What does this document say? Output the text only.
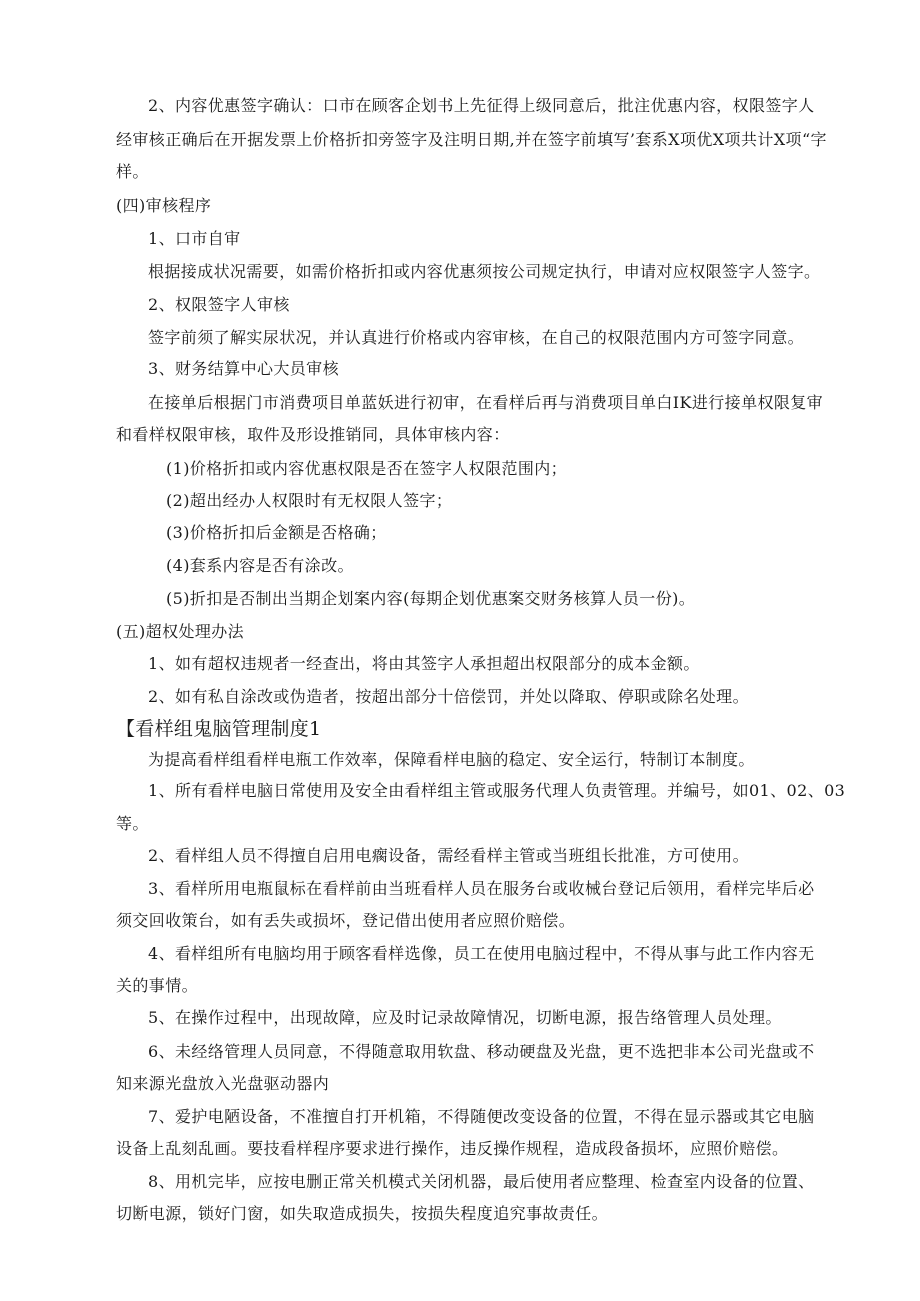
2、内容优惠签字确认：口市在顾客企划书上先征得上级同意后，批注优惠内容，权限签字人
经审核正确后在开据发票上价格折扣旁签字及注明日期,并在签字前填写’套系X项优X项共计X项“字
样。
(四)审核程序
1、口市自审
根据接成状况需要，如需价格折扣或内容优惠须按公司规定执行，申请对应权限签字人签字。
2、权限签字人审核
签字前须了解实尿状况，并认真进行价格或内容审核，在自己的权限范围内方可签字同意。
3、财务结算中心大员审核
在接单后根据门市消费项目单蓝妖进行初审，在看样后再与消费项目单白IK进行接单权限复审
和看样权限审核，取件及形设推销同，具体审核内容：
(1)价格折扣或内容优惠权限是否在签字人权限范围内；
(2)超出经办人权限时有无权限人签字；
(3)价格折扣后金额是否格确；
(4)套系内容是否有涂改。
(5)折扣是否制出当期企划案内容(每期企划优惠案交财务核算人员一份)。
(五)超权处理办法
1、如有超权违规者一经查出，将由其签字人承担超出权限部分的成本金额。
2、如有私自涂改或伪造者，按超出部分十倍偿罚，并处以降取、停职或除名处理。
【看样组鬼脑管理制度1
为提高看样组看样电瓶工作效率，保障看样电脑的稳定、安全运行，特制订本制度。
1、所有看样电脑日常使用及安全由看样组主管或服务代理人负责管理。并编号，如01、02、03
等。
2、看样组人员不得擅自启用电瘸设备，需经看样主管或当班组长批准，方可使用。
3、看样所用电瓶鼠标在看样前由当班看样人员在服务台或收械台登记后领用，看样完毕后必
须交回收策台，如有丢失或损坏，登记借出使用者应照价赔偿。
4、看样组所有电脑均用于顾客看样选像，员工在使用电脑过程中，不得从事与此工作内容无
关的事情。
5、在操作过程中，出现故障，应及时记录故障情况，切断电源，报告络管理人员处理。
6、未经络管理人员同意，不得随意取用软盘、移动硬盘及光盘，更不选把非本公司光盘或不
知来源光盘放入光盘驱动器内
7、爱护电陋设备，不准擅自打开机箱，不得随便改变设备的位置，不得在显示器或其它电脑
设备上乱刻乱画。要技看样程序要求进行操作，违反操作规程，造成段备损坏，应照价赔偿。
8、用机完毕，应按电删正常关机模式关闭机器，最后使用者应整理、检查室内设备的位置、
切断电源，锁好门窗，如失取造成损失，按损失程度追究事故责任。
